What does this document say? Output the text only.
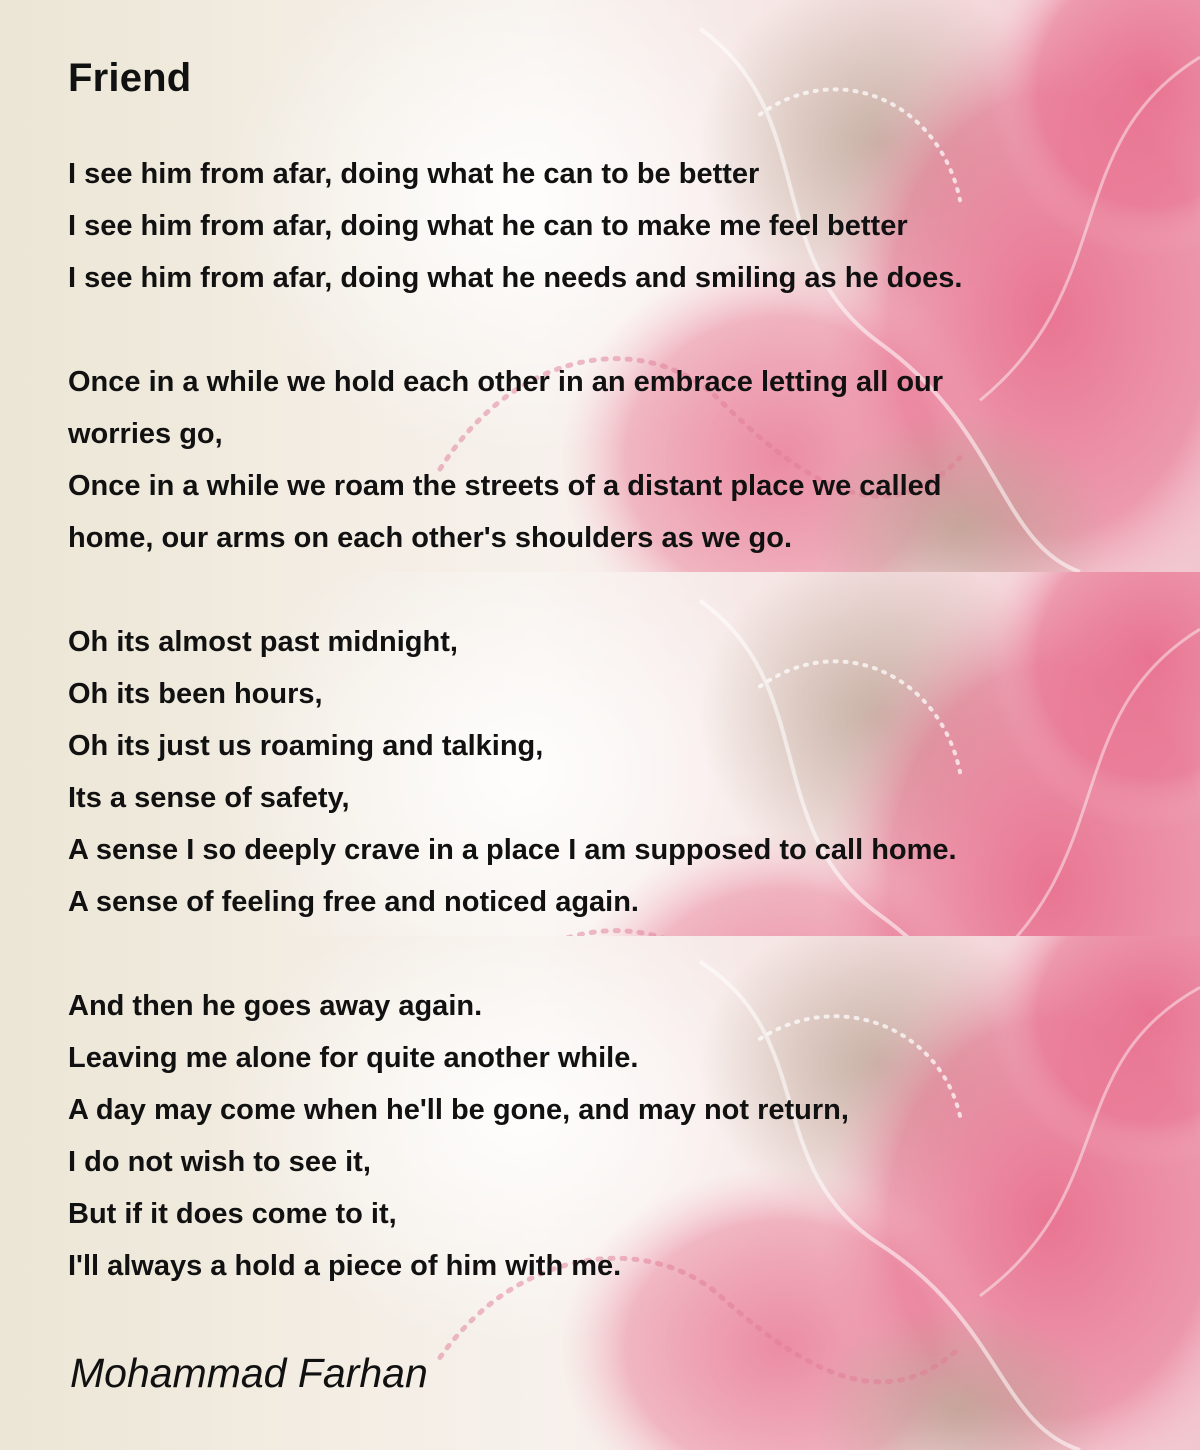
Friend
I see him from afar, doing what he can to be better
I see him from afar, doing what he can to make me feel better
I see him from afar, doing what he needs and smiling as he does.
Once in a while we hold each other in an embrace letting all our
worries go,
Once in a while we roam the streets of a distant place we called
home, our arms on each other's shoulders as we go.
Oh its almost past midnight,
Oh its been hours,
Oh its just us roaming and talking,
Its a sense of safety,
A sense I so deeply crave in a place I am supposed to call home.
A sense of feeling free and noticed again.
And then he goes away again.
Leaving me alone for quite another while.
A day may come when he'll be gone, and may not return,
I do not wish to see it,
But if it does come to it,
I'll always a hold a piece of him with me.

Mohammad Farhan
